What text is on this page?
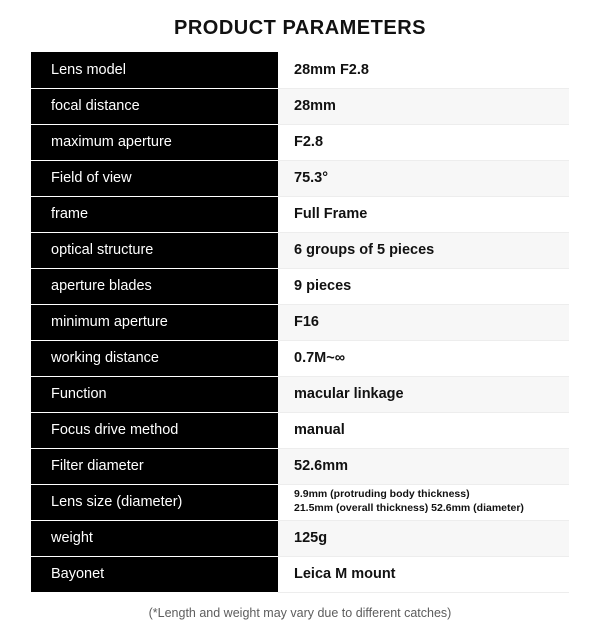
PRODUCT PARAMETERS
Lens model	28mm F2.8
focal distance	28mm
maximum aperture	F2.8
Field of view	75.3°
frame	Full Frame
optical structure	6 groups of 5 pieces
aperture blades	9 pieces
minimum aperture	F16
working distance	0.7M~∞
Function	macular linkage
Focus drive method	manual
Filter diameter	52.6mm
Lens size (diameter)	9.9mm (protruding body thickness)
21.5mm (overall thickness) 52.6mm (diameter)

weight	125g
Bayonet	Leica M mount
(*Length and weight may vary due to different catches)
